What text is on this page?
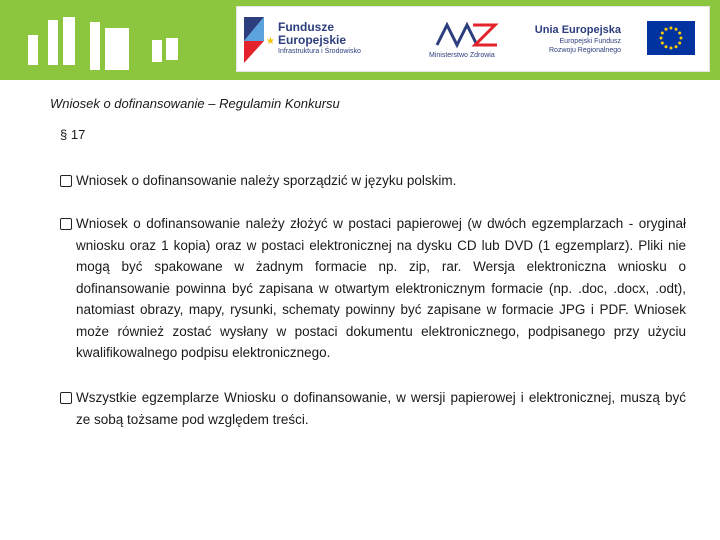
★
Fundusze
Europejskie
Infrastruktura i Środowisko
Ministerstwo Zdrowia
Unia Europejska
Europejski Fundusz
Rozwoju Regionalnego
Wniosek o dofinansowanie – Regulamin Konkursu
§ 17
Wniosek o dofinansowanie należy sporządzić w języku polskim.
Wniosek o dofinansowanie należy złożyć w postaci papierowej (w dwóch egzemplarzach - oryginał wniosku oraz 1 kopia) oraz w postaci elektronicznej na dysku CD lub DVD (1 egzemplarz). Pliki nie mogą być spakowane w żadnym formacie np. zip, rar. Wersja elektroniczna wniosku o dofinansowanie powinna być zapisana w otwartym elektronicznym formacie (np. .doc, .docx, .odt), natomiast obrazy, mapy, rysunki, schematy powinny być zapisane w formacie JPG i PDF. Wniosek może również zostać wysłany w postaci dokumentu elektronicznego, podpisanego przy użyciu kwalifikowalnego podpisu elektronicznego.
Wszystkie egzemplarze Wniosku o dofinansowanie, w wersji papierowej i elektronicznej, muszą być ze sobą tożsame pod względem treści.
